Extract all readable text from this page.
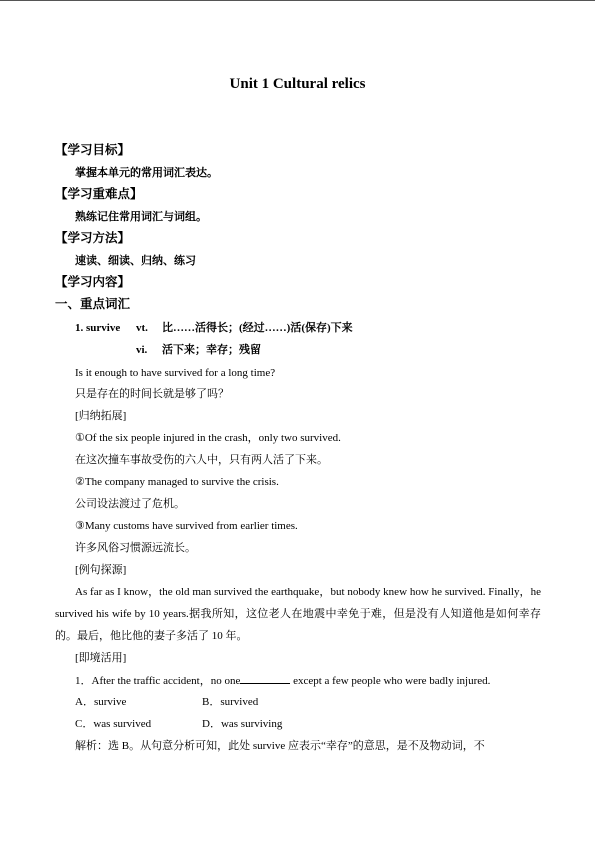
Unit 1 Cultural relics
【学习目标】
掌握本单元的常用词汇表达。
【学习重难点】
熟练记住常用词汇与词组。
【学习方法】
速读、细读、归纳、练习
【学习内容】
一、重点词汇
1. survive vt. 比……活得长；(经过……)活(保存)下来
vi. 活下来；幸存；残留
Is it enough to have survived for a long time?
只是存在的时间长就是够了吗？
[归纳拓展]
①Of the six people injured in the crash，only two survived.
在这次撞车事故受伤的六人中，只有两人活了下来。
②The company managed to survive the crisis.
公司设法渡过了危机。
③Many customs have survived from earlier times.
许多风俗习惯源远流长。
[例句探源]
As far as I know，the old man survived the earthquake，but nobody knew how he survived. Finally，he survived his wife by 10 years.据我所知，这位老人在地震中幸免于难，但是没有人知道他是如何幸存的。最后，他比他的妻子多活了 10 年。
[即境活用]
1．After the traffic accident，no one	except a few people who were badly injured.
A．survive	B．survived
C．was survived	D．was surviving
解析：选 B。从句意分析可知，此处 survive 应表示“幸存”的意思，是不及物动词，不
